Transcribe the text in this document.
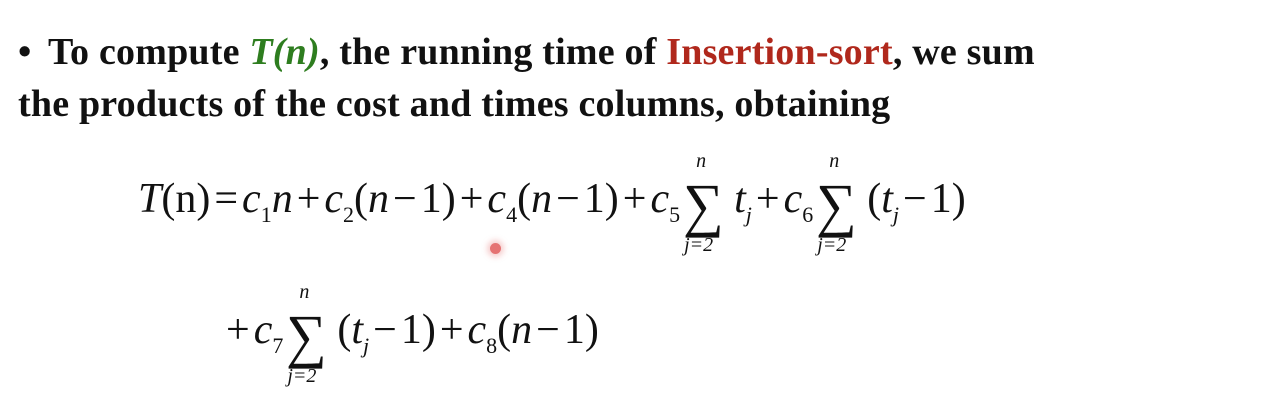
• To compute T(n), the running time of Insertion-sort, we sum
the products of the cost and times columns, obtaining
$T(n)=c_1n+c_2(n-1)+c_4(n-1)+c_5$
n
∑
j=2
$t_j+c_6$
n
∑
j=2
$(t_j-1)$
$+c_7$
n
∑
j=2
$(t_j-1)+c_8(n-1)$
